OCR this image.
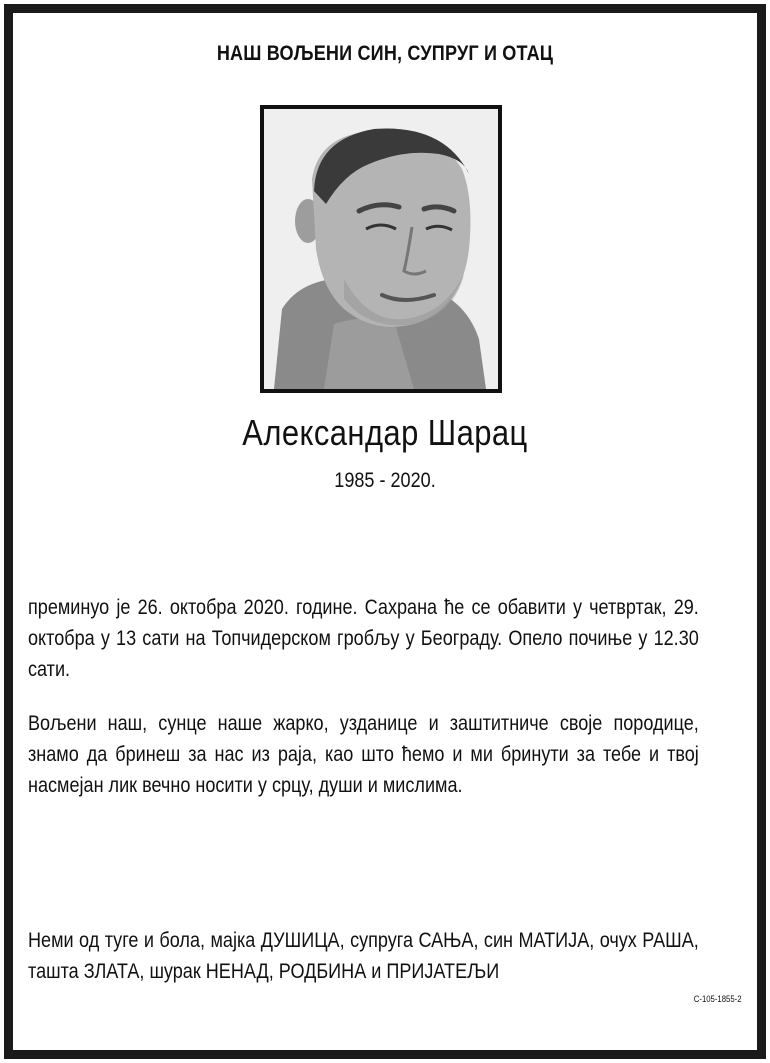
НАШ ВОЉЕНИ СИН, СУПРУГ И ОТАЦ
Александар Шарац
1985 - 2020.
преминуо је 26. октобра 2020. године. Сахрана ће се обавити у четвртак, 29. октобра у 13 сати на Топчидерском гробљу у Београду. Опело почиње у 12.30 сати.
Вољени наш, сунце наше жарко, узданице и заштитниче своје породице, знамо да бринеш за нас из раја, као што ћемо и ми бринути за тебе и твој насмејан лик вечно носити у срцу, души и мислима.
Неми од туге и бола, мајка ДУШИЦА, супруга САЊА, син МАТИЈА, очух РАША, ташта ЗЛАТА, шурак НЕНАД, РОДБИНА и ПРИЈАТЕЉИ
С-105-1855-2
